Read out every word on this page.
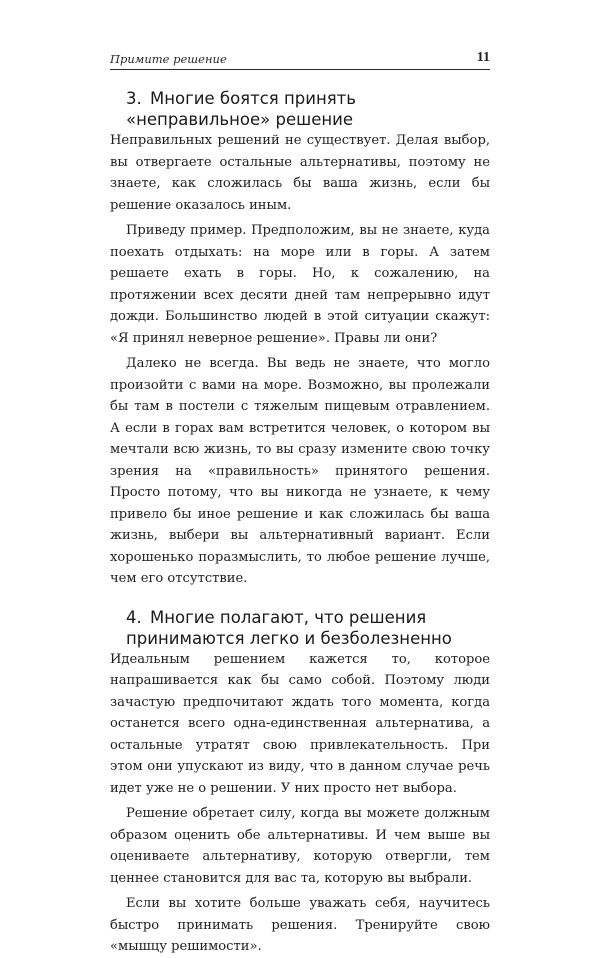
Примите решение	11
3. Многие боятся принять «неправильное» решение

Неправильных решений не существует. Делая выбор, вы отвергаете остальные альтернативы, поэтому не знаете, как сложилась бы ваша жизнь, если бы решение оказалось иным.

Приведу пример. Предположим, вы не знаете, куда поехать отдыхать: на море или в горы. А затем решаете ехать в горы. Но, к сожалению, на протяжении всех десяти дней там непрерывно идут дожди. Большинство людей в этой ситуации скажут: «Я принял неверное решение». Правы ли они?

Далеко не всегда. Вы ведь не знаете, что могло произойти с вами на море. Возможно, вы пролежали бы там в постели с тяжелым пищевым отравлением. А если в горах вам встретится человек, о котором вы мечтали всю жизнь, то вы сразу измените свою точку зрения на «правильность» принятого решения. Просто потому, что вы никогда не узнаете, к чему привело бы иное решение и как сложилась бы ваша жизнь, выбери вы альтернативный вариант. Если хорошенько поразмыслить, то любое решение лучше, чем его отсутствие.

4. Многие полагают, что решения принимаются легко и безболезненно

Идеальным решением кажется то, которое напрашивается как бы само собой. Поэтому люди зачастую предпочитают ждать того момента, когда останется всего одна-единственная альтернатива, а остальные утратят свою привлекательность. При этом они упускают из виду, что в данном случае речь идет уже не о решении. У них просто нет выбора.

Решение обретает силу, когда вы можете должным образом оценить обе альтернативы. И чем выше вы оцениваете альтернативу, которую отвергли, тем ценнее становится для вас та, которую вы выбрали.

Если вы хотите больше уважать себя, научитесь быстро принимать решения. Тренируйте свою «мышцу решимости».
